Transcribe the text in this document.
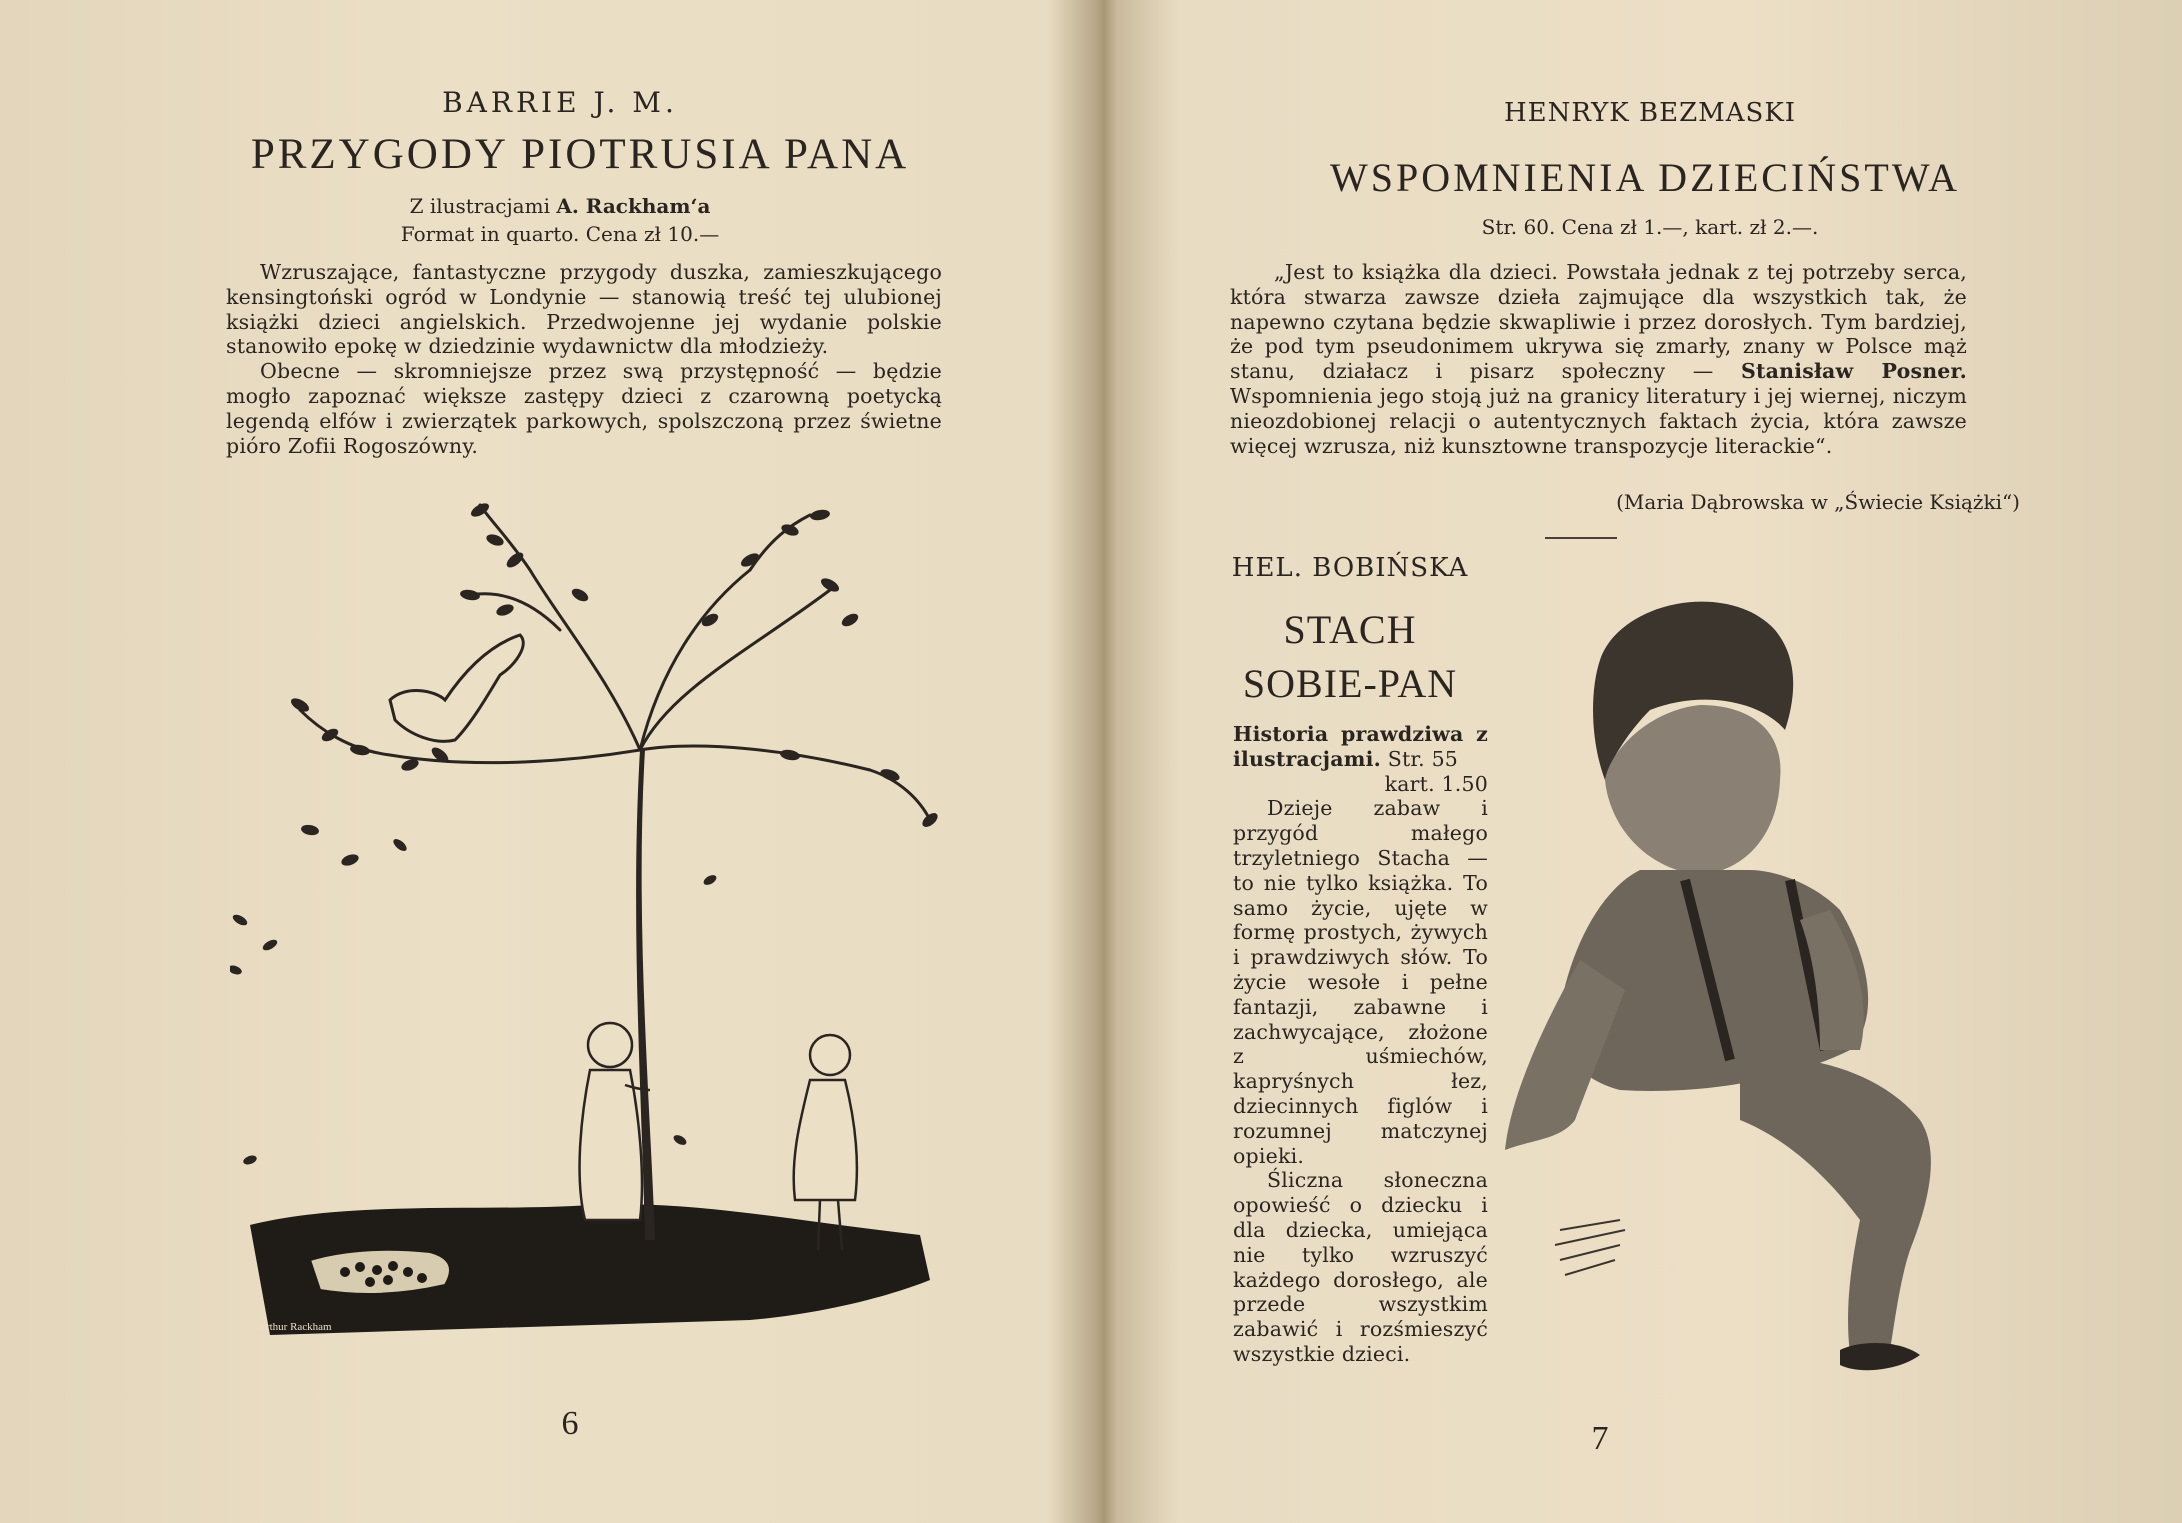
BARRIE J. M.
PRZYGODY PIOTRUSIA PANA
Z ilustracjami A. Rackham‘a
Format in quarto. Cena zł 10.—

Wzruszające, fantastyczne przygody duszka, zamieszkującego kensingtoński ogród w Londynie — stanowią treść tej ulubionej książki dzieci angielskich. Przedwojenne jej wydanie polskie stanowiło epokę w dziedzinie wydawnictw dla młodzieży.

Obecne — skromniejsze przez swą przystępność — będzie mogło zapoznać większe zastępy dzieci z czarowną poetycką legendą elfów i zwierzątek parkowych, spolszczoną przez świetne pióro Zofii Rogoszówny.

Arthur Rackham
6
HENRYK BEZMASKI
WSPOMNIENIA DZIECIŃSTWA
Str. 60. Cena zł 1.—, kart. zł 2.—.

„Jest to książka dla dzieci. Powstała jednak z tej potrzeby serca, która stwarza zawsze dzieła zajmujące dla wszystkich tak, że napewno czytana będzie skwapliwie i przez dorosłych. Tym bardziej, że pod tym pseudonimem ukrywa się zmarły, znany w Polsce mąż stanu, działacz i pisarz społeczny — Stanisław Posner. Wspomnienia jego stoją już na granicy literatury i jej wiernej, niczym nieozdobionej relacji o autentycznych faktach życia, która zawsze więcej wzrusza, niż kunsztowne transpozycje literackie“.

(Maria Dąbrowska w „Świecie Książki“)
HEL. BOBIŃSKA
STACH
SOBIE-PAN

Historia prawdziwa z ilustracjami. Str. 55

kart. 1.50

Dzieje zabaw i przygód małego trzyletniego Stacha — to nie tylko książka. To samo życie, ujęte w formę prostych, żywych i prawdziwych słów. To życie wesołe i pełne fantazji, zabawne i zachwycające, złożone z uśmiechów, kapryśnych łez, dziecinnych figlów i rozumnej matczynej opieki.

Śliczna słoneczna opowieść o dziecku i dla dziecka, umiejąca nie tylko wzruszyć każdego dorosłego, ale przede wszystkim zabawić i rozśmieszyć wszystkie dzieci.

7
